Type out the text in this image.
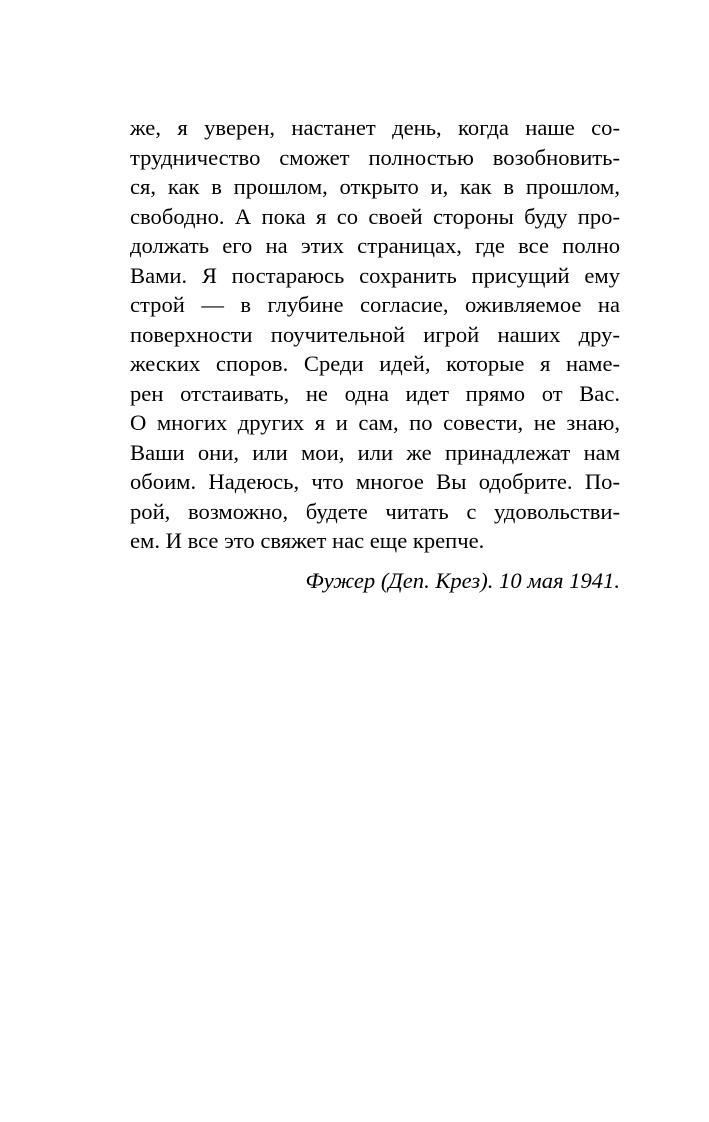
же, я уверен, настанет день, когда наше со-
трудничество сможет полностью возобновить-
ся, как в прошлом, открыто и, как в прошлом,
свободно. А пока я со своей стороны буду про-
должать его на этих страницах, где все полно
Вами. Я постараюсь сохранить присущий ему
строй — в глубине согласие, оживляемое на
поверхности поучительной игрой наших дру-
жеских споров. Среди идей, которые я наме-
рен отстаивать, не одна идет прямо от Вас.
О многих других я и сам, по совести, не знаю,
Ваши они, или мои, или же принадлежат нам
обоим. Надеюсь, что многое Вы одобрите. По-
рой, возможно, будете читать с удовольстви-
ем. И все это свяжет нас еще крепче.
Фужер (Деп. Крез). 10 мая 1941.
